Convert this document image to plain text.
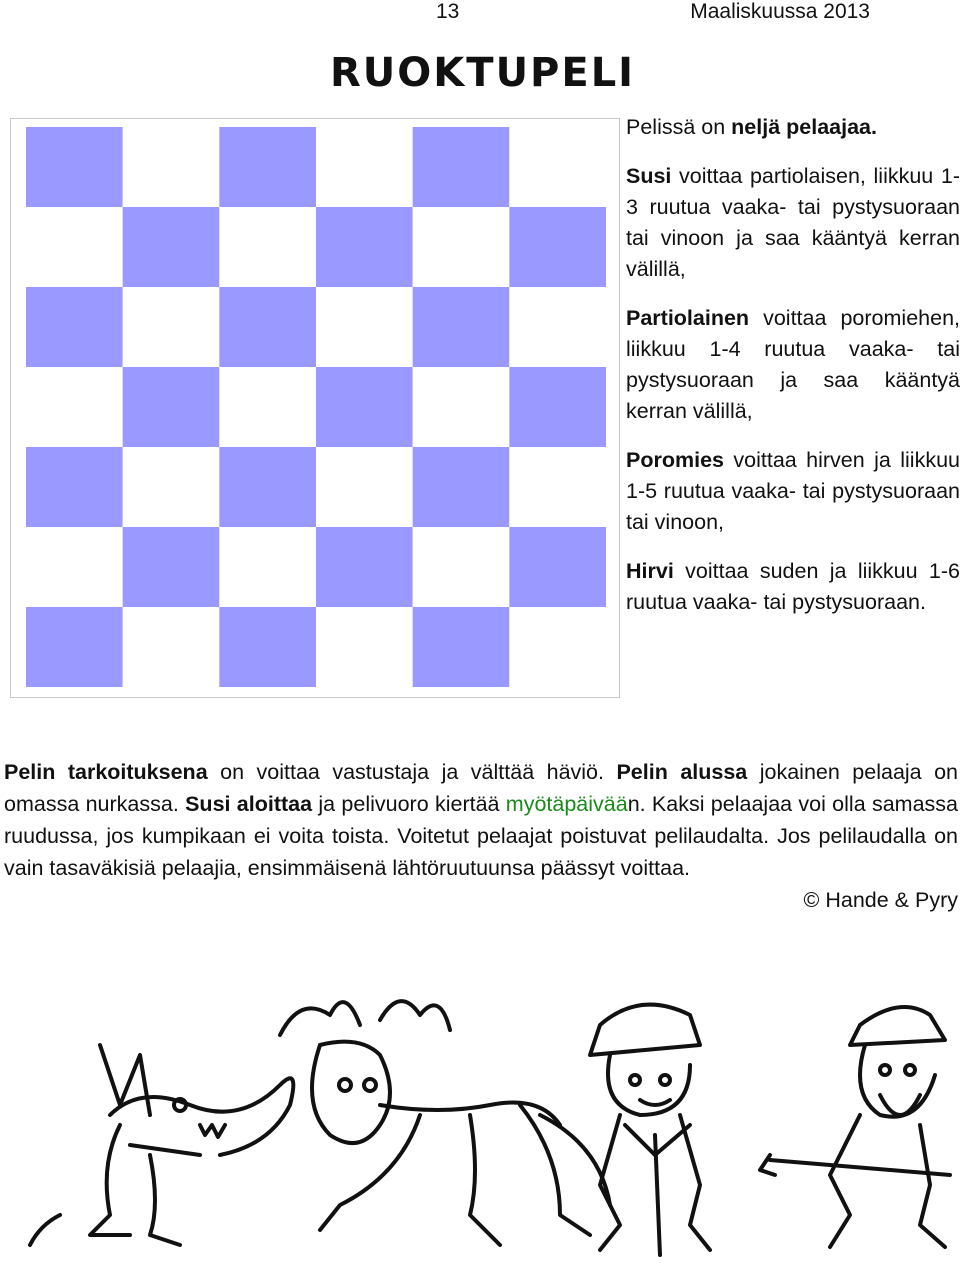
13	Maaliskuussa 2013
RUOKTUPELI

Pelissä on neljä pelaajaa.

Susi voittaa partiolaisen, liikkuu 1-3 ruutua vaaka- tai pystysuoraan tai vinoon ja saa kääntyä kerran välillä,

Partiolainen voittaa poromiehen, liikkuu 1-4 ruutua vaaka- tai pystysuoraan ja saa kääntyä kerran välillä,

Poromies voittaa hirven ja liikkuu 1-5 ruutua vaaka- tai pystysuoraan tai vinoon,

Hirvi voittaa suden ja liikkuu 1-6 ruutua vaaka- tai pystysuoraan.

Pelin tarkoituksena on voittaa vastustaja ja välttää häviö. Pelin alussa jokainen pelaaja on omassa nurkassa. Susi aloittaa ja pelivuoro kiertää myötäpäivään. Kaksi pelaajaa voi olla samassa ruudussa, jos kumpikaan ei voita toista. Voitetut pelaajat poistuvat pelilaudalta. Jos pelilaudalla on vain tasaväkisiä pelaajia, ensimmäisenä lähtöruutuunsa päässyt voittaa.
© Hande & Pyry
